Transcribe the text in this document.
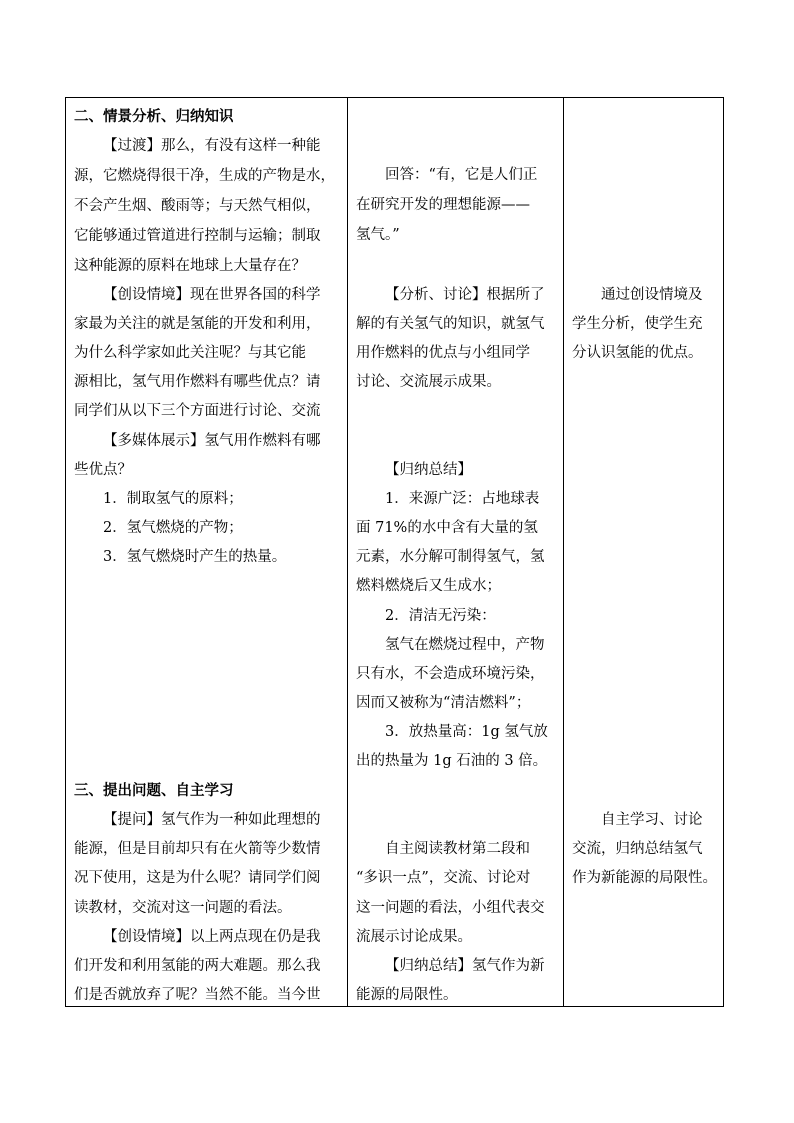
二、情景分析、归纳知识
【过渡】那么，有没有这样一种能
源，它燃烧得很干净，生成的产物是水，
不会产生烟、酸雨等；与天然气相似，
它能够通过管道进行控制与运输；制取
这种能源的原料在地球上大量存在？
【创设情境】现在世界各国的科学
家最为关注的就是氢能的开发和利用，
为什么科学家如此关注呢？与其它能
源相比，氢气用作燃料有哪些优点？请
同学们从以下三个方面进行讨论、交流
【多媒体展示】氢气用作燃料有哪
些优点？
1．制取氢气的原料；
2．氢气燃烧的产物；
3．氢气燃烧时产生的热量。
三、提出问题、自主学习
【提问】氢气作为一种如此理想的
能源，但是目前却只有在火箭等少数情
况下使用，这是为什么呢？请同学们阅
读教材，交流对这一问题的看法。
【创设情境】以上两点现在仍是我
们开发和利用氢能的两大难题。那么我
们是否就放弃了呢？当然不能。当今世
回答：“有，它是人们正
在研究开发的理想能源——
氢气。”
【分析、讨论】根据所了
解的有关氢气的知识，就氢气
用作燃料的优点与小组同学
讨论、交流展示成果。
【归纳总结】
1．来源广泛：占地球表
面 71%的水中含有大量的氢
元素，水分解可制得氢气，氢
燃料燃烧后又生成水；
2．清洁无污染：
氢气在燃烧过程中，产物
只有水，不会造成环境污染，
因而又被称为“清洁燃料”；
3．放热量高：1g 氢气放
出的热量为 1g 石油的 3 倍。
自主阅读教材第二段和
“多识一点”，交流、讨论对
这一问题的看法，小组代表交
流展示讨论成果。
【归纳总结】氢气作为新
能源的局限性。
通过创设情境及
学生分析，使学生充
分认识氢能的优点。
自主学习、讨论
交流，归纳总结氢气
作为新能源的局限性。
